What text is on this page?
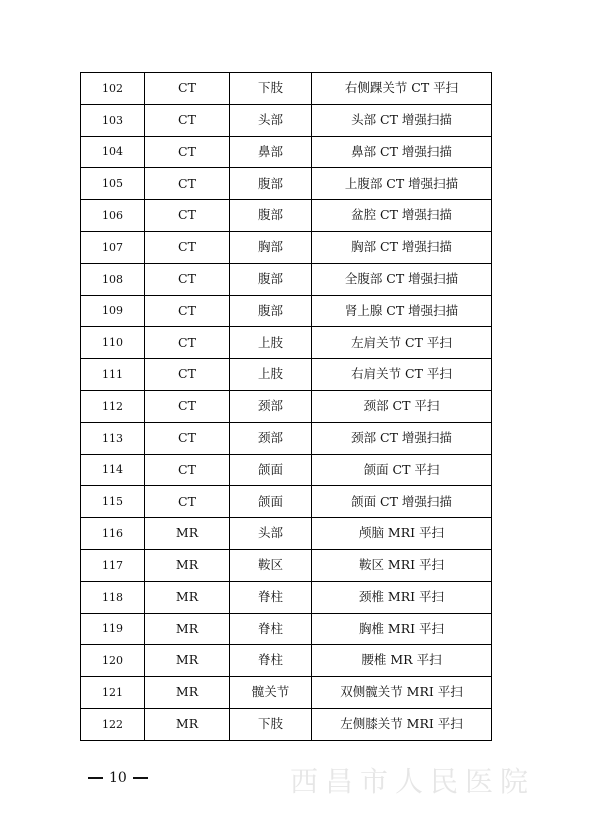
102	CT	下肢	右侧踝关节 CT 平扫
103	CT	头部	头部 CT 增强扫描
104	CT	鼻部	鼻部 CT 增强扫描
105	CT	腹部	上腹部 CT 增强扫描
106	CT	腹部	盆腔 CT 增强扫描
107	CT	胸部	胸部 CT 增强扫描
108	CT	腹部	全腹部 CT 增强扫描
109	CT	腹部	肾上腺 CT 增强扫描
110	CT	上肢	左肩关节 CT 平扫
111	CT	上肢	右肩关节 CT 平扫
112	CT	颈部	颈部 CT 平扫
113	CT	颈部	颈部 CT 增强扫描
114	CT	颌面	颌面 CT 平扫
115	CT	颌面	颌面 CT 增强扫描
116	MR	头部	颅脑 MRI 平扫
117	MR	鞍区	鞍区 MRI 平扫
118	MR	脊柱	颈椎 MRI 平扫
119	MR	脊柱	胸椎 MRI 平扫
120	MR	脊柱	腰椎 MR 平扫
121	MR	髋关节	双侧髋关节 MRI 平扫
122	MR	下肢	左侧膝关节 MRI 平扫
10	西昌市人民医院
